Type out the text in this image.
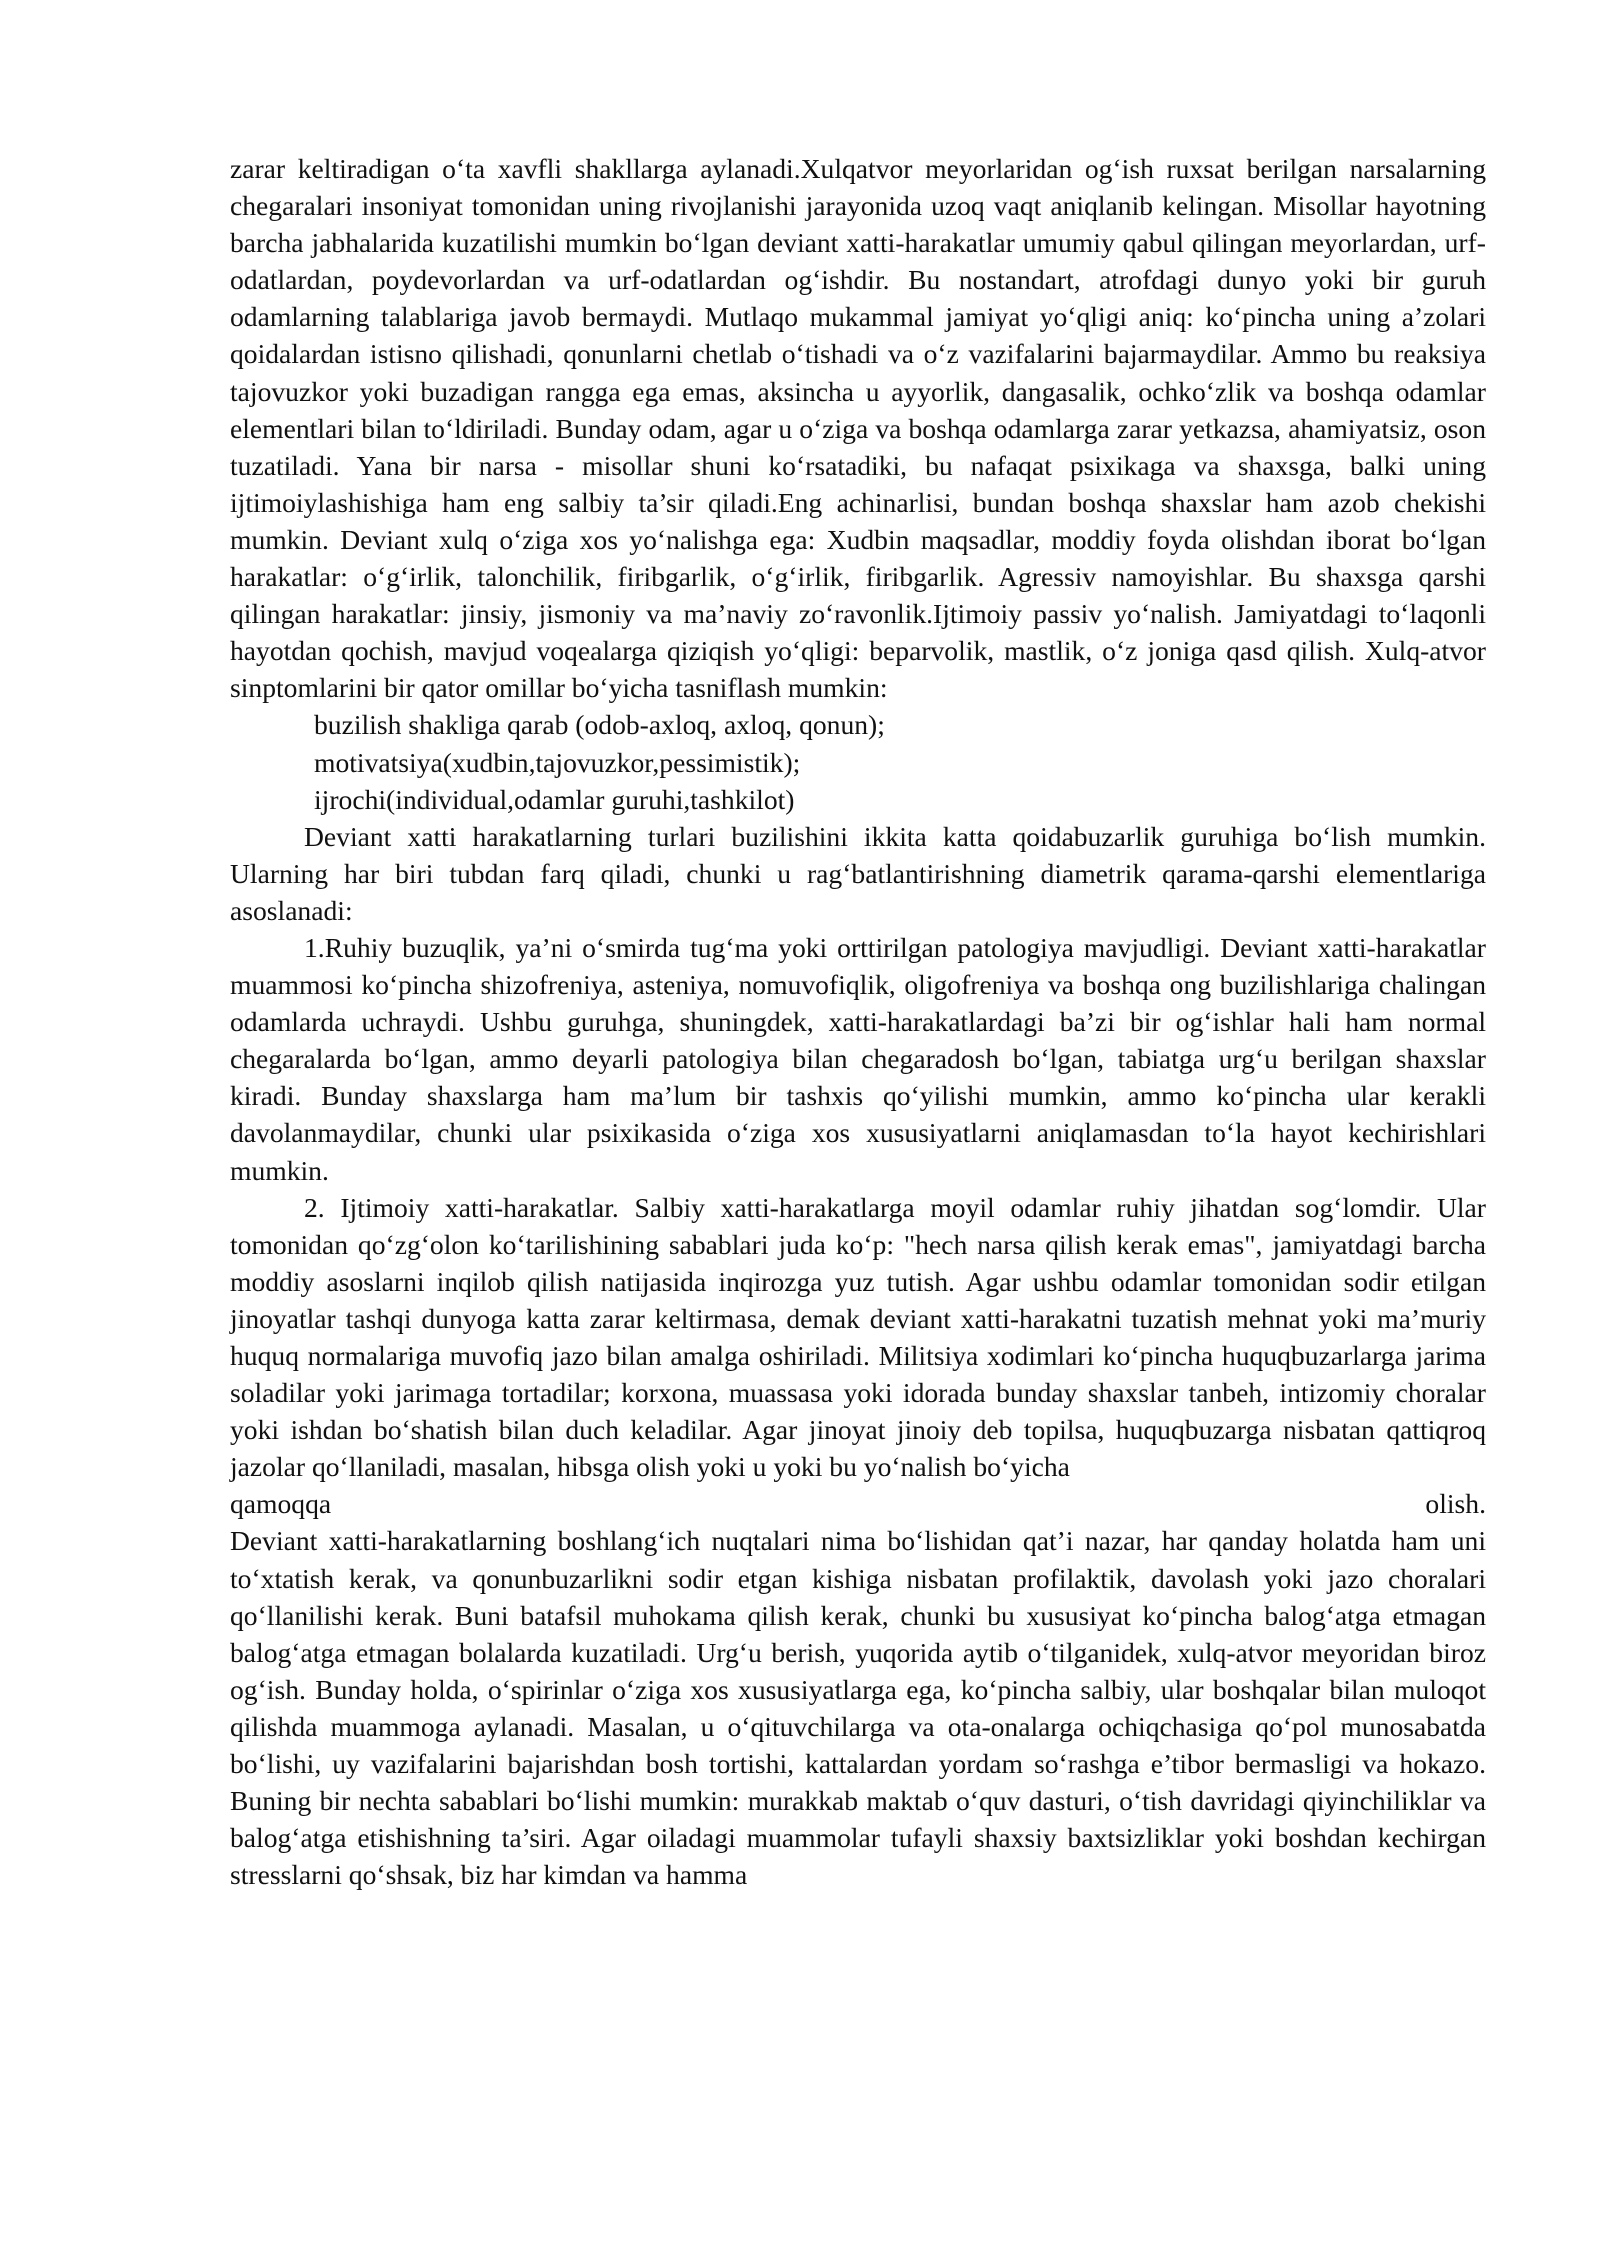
zarar keltiradigan o‘ta xavfli shakllarga aylanadi.Xulqatvor meyorlaridan og‘ish ruxsat berilgan narsalarning chegaralari insoniyat tomonidan uning rivojlanishi jarayonida uzoq vaqt aniqlanib kelingan. Misollar hayotning barcha jabhalarida kuzatilishi mumkin bo‘lgan deviant xatti-harakatlar umumiy qabul qilingan meyorlardan, urf-odatlardan, poydevorlardan va urf-odatlardan og‘ishdir. Bu nostandart, atrofdagi dunyo yoki bir guruh odamlarning talablariga javob bermaydi. Mutlaqo mukammal jamiyat yo‘qligi aniq: ko‘pincha uning a’zolari qoidalardan istisno qilishadi, qonunlarni chetlab o‘tishadi va o‘z vazifalarini bajarmaydilar. Ammo bu reaksiya tajovuzkor yoki buzadigan rangga ega emas, aksincha u ayyorlik, dangasalik, ochko‘zlik va boshqa odamlar elementlari bilan to‘ldiriladi. Bunday odam, agar u o‘ziga va boshqa odamlarga zarar yetkazsa, ahamiyatsiz, oson tuzatiladi. Yana bir narsa - misollar shuni ko‘rsatadiki, bu nafaqat psixikaga va shaxsga, balki uning ijtimoiylashishiga ham eng salbiy ta’sir qiladi.Eng achinarlisi, bundan boshqa shaxslar ham azob chekishi mumkin. Deviant xulq o‘ziga xos yo‘nalishga ega: Xudbin maqsadlar, moddiy foyda olishdan iborat bo‘lgan harakatlar: o‘g‘irlik, talonchilik, firibgarlik, o‘g‘irlik, firibgarlik. Agressiv namoyishlar. Bu shaxsga qarshi qilingan harakatlar: jinsiy, jismoniy va ma’naviy zo‘ravonlik.Ijtimoiy passiv yo‘nalish. Jamiyatdagi to‘laqonli hayotdan qochish, mavjud voqealarga qiziqish yo‘qligi: beparvolik, mastlik, o‘z joniga qasd qilish. Xulq-atvor sinptomlarini bir qator omillar bo‘yicha tasniflash mumkin:

buzilish shakliga qarab (odob-axloq, axloq, qonun);

motivatsiya(xudbin,tajovuzkor,pessimistik);

ijrochi(individual,odamlar guruhi,tashkilot)

Deviant xatti harakatlarning turlari buzilishini ikkita katta qoidabuzarlik guruhiga bo‘lish mumkin. Ularning har biri tubdan farq qiladi, chunki u rag‘batlantirishning diametrik qarama-qarshi elementlariga asoslanadi:

1.Ruhiy buzuqlik, ya’ni o‘smirda tug‘ma yoki orttirilgan patologiya mavjudligi. Deviant xatti-harakatlar muammosi ko‘pincha shizofreniya, asteniya, nomuvofiqlik, oligofreniya va boshqa ong buzilishlariga chalingan odamlarda uchraydi. Ushbu guruhga, shuningdek, xatti-harakatlardagi ba’zi bir og‘ishlar hali ham normal chegaralarda bo‘lgan, ammo deyarli patologiya bilan chegaradosh bo‘lgan, tabiatga urg‘u berilgan shaxslar kiradi. Bunday shaxslarga ham ma’lum bir tashxis qo‘yilishi mumkin, ammo ko‘pincha ular kerakli davolanmaydilar, chunki ular psixikasida o‘ziga xos xususiyatlarni aniqlamasdan to‘la hayot kechirishlari mumkin.

2. Ijtimoiy xatti-harakatlar. Salbiy xatti-harakatlarga moyil odamlar ruhiy jihatdan sog‘lomdir. Ular tomonidan qo‘zg‘olon ko‘tarilishining sabablari juda ko‘p: "hech narsa qilish kerak emas", jamiyatdagi barcha moddiy asoslarni inqilob qilish natijasida inqirozga yuz tutish. Agar ushbu odamlar tomonidan sodir etilgan jinoyatlar tashqi dunyoga katta zarar keltirmasa, demak deviant xatti-harakatni tuzatish mehnat yoki ma’muriy huquq normalariga muvofiq jazo bilan amalga oshiriladi. Militsiya xodimlari ko‘pincha huquqbuzarlarga jarima soladilar yoki jarimaga tortadilar; korxona, muassasa yoki idorada bunday shaxslar tanbeh, intizomiy choralar yoki ishdan bo‘shatish bilan duch keladilar. Agar jinoyat jinoiy deb topilsa, huquqbuzarga nisbatan qattiqroq jazolar qo‘llaniladi, masalan, hibsga olish yoki u yoki bu yo‘nalish bo‘yicha

qamoqqa	olish.

Deviant xatti-harakatlarning boshlang‘ich nuqtalari nima bo‘lishidan qat’i nazar, har qanday holatda ham uni to‘xtatish kerak, va qonunbuzarlikni sodir etgan kishiga nisbatan profilaktik, davolash yoki jazo choralari qo‘llanilishi kerak. Buni batafsil muhokama qilish kerak, chunki bu xususiyat ko‘pincha balog‘atga etmagan balog‘atga etmagan bolalarda kuzatiladi. Urg‘u berish, yuqorida aytib o‘tilganidek, xulq-atvor meyoridan biroz og‘ish. Bunday holda, o‘spirinlar o‘ziga xos xususiyatlarga ega, ko‘pincha salbiy, ular boshqalar bilan muloqot qilishda muammoga aylanadi. Masalan, u o‘qituvchilarga va ota-onalarga ochiqchasiga qo‘pol munosabatda bo‘lishi, uy vazifalarini bajarishdan bosh tortishi, kattalardan yordam so‘rashga e’tibor bermasligi va hokazo. Buning bir nechta sabablari bo‘lishi mumkin: murakkab maktab o‘quv dasturi, o‘tish davridagi qiyinchiliklar va balog‘atga etishishning ta’siri. Agar oiladagi muammolar tufayli shaxsiy baxtsizliklar yoki boshdan kechirgan stresslarni qo‘shsak, biz har kimdan va hamma
